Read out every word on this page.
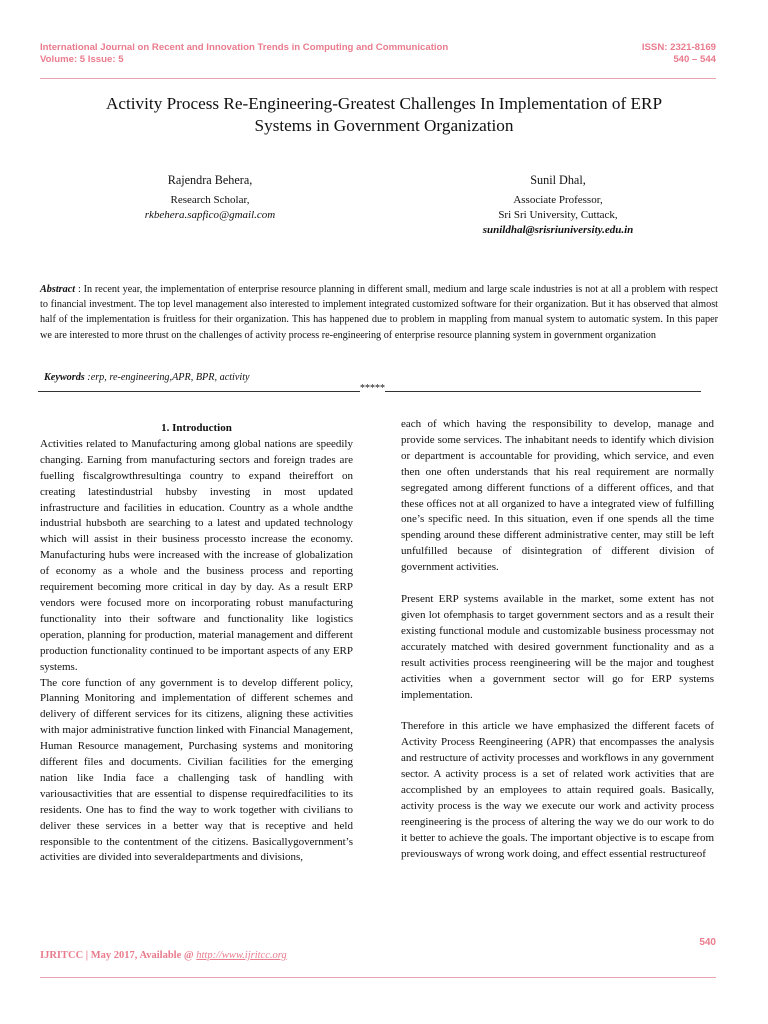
International Journal on Recent and Innovation Trends in Computing and Communication
Volume: 5 Issue: 5
ISSN: 2321-8169
540 – 544
Activity Process Re-Engineering-Greatest Challenges In Implementation of ERP
Systems in Government Organization
Rajendra Behera,
Research Scholar,
rkbehera.sapfico@gmail.com
Sunil Dhal,
Associate Professor,
Sri Sri University, Cuttack,
sunildhal@srisriuniversity.edu.in
Abstract : In recent year, the implementation of enterprise resource planning in different small, medium and large scale industries is not at all a problem with respect to financial investment. The top level management also interested to implement integrated customized software for their organization. But it has observed that almost half of the implementation is fruitless for their organization. This has happened due to problem in mappling from manual system to automatic system. In this paper we are interested to more thrust on the challenges of activity process re-engineering of enterprise resource planning system in government organization
Keywords :erp, re-engineering,APR, BPR, activity
*****
1. Introduction

Activities related to Manufacturing among global nations are speedily changing. Earning from manufacturing sectors and foreign trades are fuelling fiscalgrowthresultinga country to expand theireffort on creating latestindustrial hubsby investing in most updated infrastructure and facilities in education. Country as a whole andthe industrial hubsboth are searching to a latest and updated technology which will assist in their business processto increase the economy. Manufacturing hubs were increased with the increase of globalization of economy as a whole and the business process and reporting requirement becoming more critical in day by day. As a result ERP vendors were focused more on incorporating robust manufacturing functionality into their software and functionality like logistics operation, planning for production, material management and different production functionality continued to be important aspects of any ERP systems.

The core function of any government is to develop different policy, Planning Monitoring and implementation of different schemes and delivery of different services for its citizens, aligning these activities with major administrative function linked with Financial Management, Human Resource management, Purchasing systems and monitoring different files and documents. Civilian facilities for the emerging nation like India face a challenging task of handling with variousactivities that are essential to dispense requiredfacilities to its residents. One has to find the way to work together with civilians to deliver these services in a better way that is receptive and held responsible to the contentment of the citizens. Basicallygovernment’s activities are divided into severaldepartments and divisions,

each of which having the responsibility to develop, manage and provide some services. The inhabitant needs to identify which division or department is accountable for providing, which service, and even then one often understands that his real requirement are normally segregated among different functions of a different offices, and that these offices not at all organized to have a integrated view of fulfilling one’s specific need. In this situation, even if one spends all the time spending around these different administrative center, may still be left unfulfilled because of disintegration of different division of government activities.

Present ERP systems available in the market, some extent has not given lot ofemphasis to target government sectors and as a result their existing functional module and customizable business processmay not accurately matched with desired government functionality and as a result activities process reengineering will be the major and toughest activities when a government sector will go for ERP systems implementation.

Therefore in this article we have emphasized the different facets of Activity Process Reengineering (APR) that encompasses the analysis and restructure of activity processes and workflows in any government sector. A activity process is a set of related work activities that are accomplished by an employees to attain required goals. Basically, activity process is the way we execute our work and activity process reengineering is the process of altering the way we do our work to do it better to achieve the goals. The important objective is to escape from previousways of wrong work doing, and effect essential restructureof

540
IJRITCC | May 2017, Available @ http://www.ijritcc.org
